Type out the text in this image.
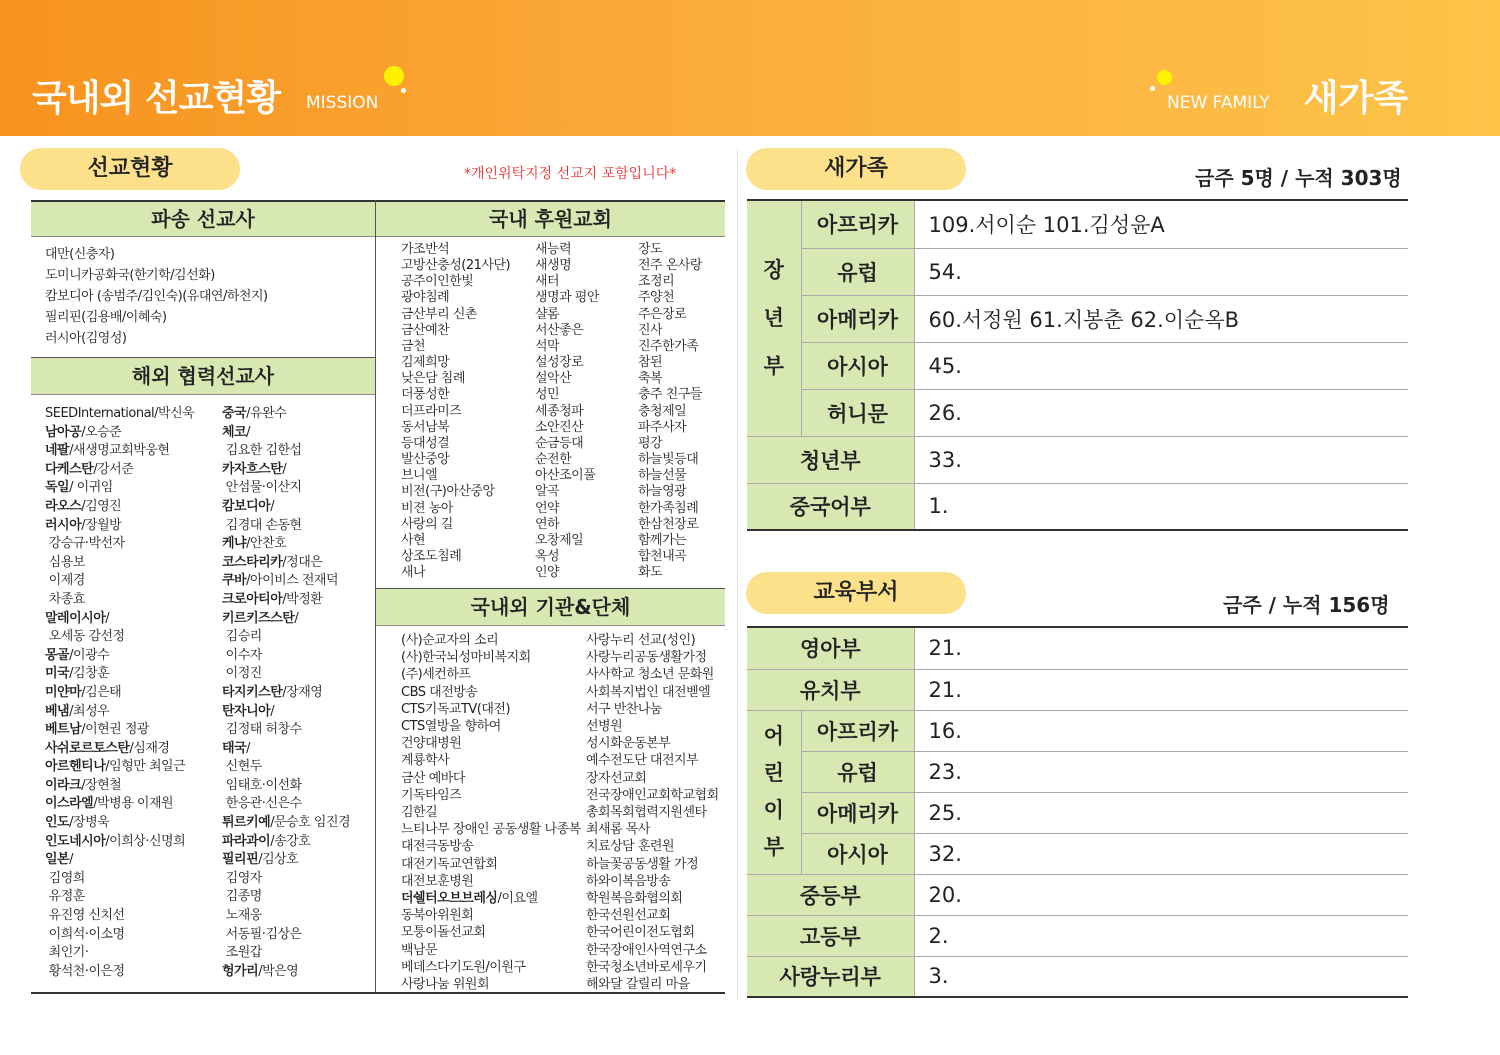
국내외 선교현황 MISSION	NEW FAMILY 새가족
선교현황	*개인위탁지정 선교지 포함입니다*
파송 선교사
대만(신충자)
도미니카공화국(한기학/김선화)
캄보디아 (송범주/김인숙)(유대연/하천지)
필리핀(김용배/이혜숙)
러시아(김영성)
해외 협력선교사
SEEDInternational/박신욱
남아공/오승준
네팔/새생명교회박웅현
다케스탄/강서준
독일/ 이귀임
라오스/김영진
러시아/장월방
강승규·박선자
심용보
이제경
차종효
말레이시아/
오세동 감선정
몽골/이광수
미국/김창훈
미얀마/김은태
베냄/최성우
베트남/이현권 정광
사쉬로르토스탄/심재경
아르헨티나/임형만 최일근
이라크/장현철
이스라엘/박병용 이재원
인도/장병욱
인도네시아/이희상·신명희
일본/
김영희
유정훈
유진영 신치선
이희석·이소명
최인기·
황석천·이은정
중국/유완수
체코/
김요한 김한섭
카자흐스탄/
안섬물·이산지
캄보디아/
김경대 손동현
케냐/안찬호
코스타리카/정대은
쿠바/아이비스 전재덕
크로아티아/박정환
키르키즈스탄/
김승리
이수자
이정진
타지키스탄/장재영
탄자니아/
김정태 허창수
태국/
신현두
임태호·이선화
한응관·신은수
튀르키예/문승호 임진경
파라과이/송강호
필리핀/김상호
김영자
김종명
노재웅
서동필·김상은
조원갑
헝가리/박은영
국내 후원교회
가조반석
고방산충성(21사단)
공주이인한빛
광야침례
금산부리 신촌
금산예찬
금천
김제희망
낮은담 침례
더풍성한
더프라미즈
동서남북
등대성결
발산중앙
브니엘
비전(구)아산중앙
비젼 농아
사랑의 길
사현
상조도침례
새나
새능력
새생명
새터
생명과 평안
샬롬
서산좋은
석막
설성장로
설악산
성민
세종청파
소안진산
순금등대
순전한
아산조이풀
알곡
언약
연하
오창제일
옥성
인양
장도
전주 온사랑
조정리
주양천
주은장로
진사
진주한가족
참된
축복
충주 친구들
충청제일
파주사자
평강
하늘빛등대
하늘선물
하늘영광
한가족침례
한삼천장로
함께가는
합천내곡
화도
국내외 기관&단체
(사)순교자의 소리
(사)한국뇌성마비복지회
(주)세컨하프
CBS 대전방송
CTS기독교TV(대전)
CTS열방을 향하여
건양대병원
계룡학사
금산 예바다
기독타임즈
김한길
느티나무 장애인 공동생활 나종복
대전극동방송
대전기독교연합회
대전보훈병원
더쉘터오브브레싱/이요엘
동북아위원회
모퉁이돌선교회
백남문
베데스다기도원/이원구
사랑나눔 위원회
사랑누리 선교(성인)
사랑누리공동생활가정
사사학교 청소년 문화원
사회복지법인 대전벧엘
서구 반찬나눔
선병원
성시화운동본부
예수전도단 대전지부
장자선교회
전국장애인교회학교협회
총회목회협력지원센타
최새롬 목사
치료상담 훈련원
하늘꽃공동생활 가정
하와이복음방송
학원복음화협의회
한국선원선교회
한국어린이전도협회
한국장애인사역연구소
한국청소년바로세우기
해와달 갈릴리 마을
새가족	금주 5명 / 누적 303명
장
년
부	아프리카	109.서이순 101.김성윤A
	유럽	54.
	아메리카	60.서정원 61.지봉춘 62.이순옥B
	아시아	45.
	허니문	26.
청년부		33.
중국어부		1.
교육부서	금주 / 누적 156명
영아부		21.
유치부		21.

어
린
이
부	아프리카	16.
	유럽	23.
	아메리카	25.
	아시아	32.
중등부		20.
고등부		2.
사랑누리부		3.
